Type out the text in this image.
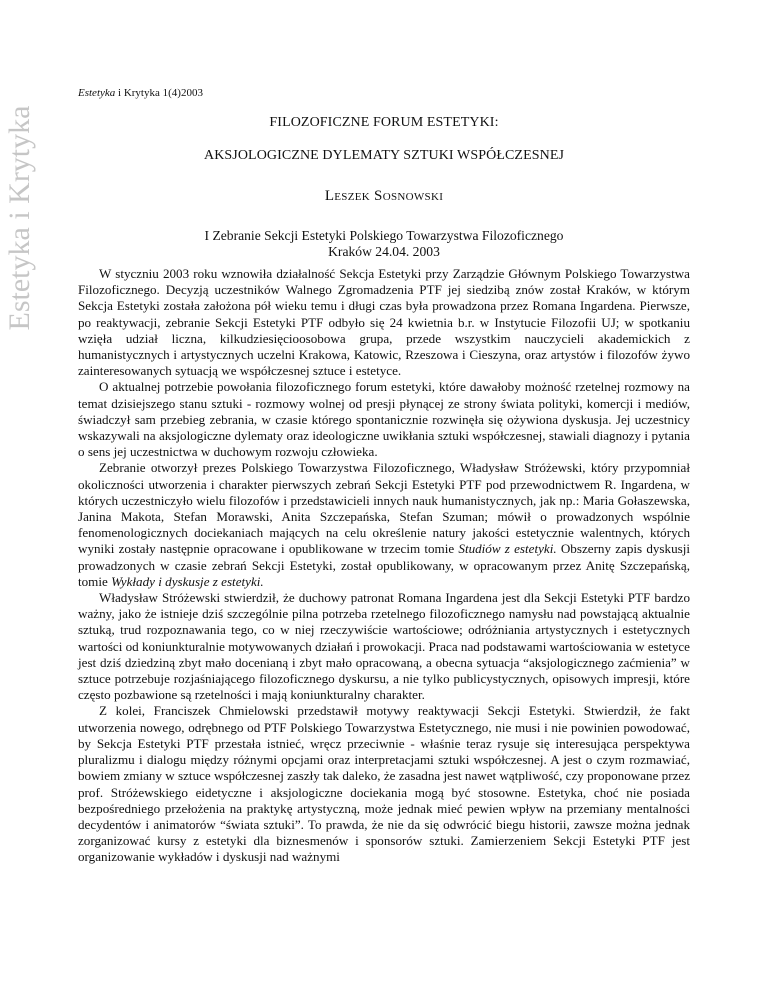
Estetyka i Krytyka
Estetyka i Krytyka 1(4)2003
FILOZOFICZNE FORUM ESTETYKI:
AKSJOLOGICZNE DYLEMATY SZTUKI WSPÓŁCZESNEJ
Leszek Sosnowski
I Zebranie Sekcji Estetyki Polskiego Towarzystwa Filozoficznego
Kraków 24.04. 2003

W styczniu 2003 roku wznowiła działalność Sekcja Estetyki przy Zarządzie Głównym Polskiego Towarzystwa Filozoficznego. Decyzją uczestników Walnego Zgromadzenia PTF jej siedzibą znów został Kraków, w którym Sekcja Estetyki została założona pół wieku temu i długi czas była prowadzona przez Romana Ingardena. Pierwsze, po reaktywacji, zebranie Sekcji Estetyki PTF odbyło się 24 kwietnia b.r. w Instytucie Filozofii UJ; w spotkaniu wzięła udział liczna, kilkudziesięcioosobowa grupa, przede wszystkim nauczycieli akademickich z humanistycznych i artystycznych uczelni Krakowa, Katowic, Rzeszowa i Cieszyna, oraz artystów i filozofów żywo zainteresowanych sytuacją we współczesnej sztuce i estetyce.

O aktualnej potrzebie powołania filozoficznego forum estetyki, które dawałoby możność rzetelnej rozmowy na temat dzisiejszego stanu sztuki - rozmowy wolnej od presji płynącej ze strony świata polityki, komercji i mediów, świadczył sam przebieg zebrania, w czasie którego spontanicznie rozwinęła się ożywiona dyskusja. Jej uczestnicy wskazywali na aksjologiczne dylematy oraz ideologiczne uwikłania sztuki współczesnej, stawiali diagnozy i pytania o sens jej uczestnictwa w duchowym rozwoju człowieka.

Zebranie otworzył prezes Polskiego Towarzystwa Filozoficznego, Władysław Stróżewski, który przypomniał okoliczności utworzenia i charakter pierwszych zebrań Sekcji Estetyki PTF pod przewodnictwem R. Ingardena, w których uczestniczyło wielu filozofów i przedstawicieli innych nauk humanistycznych, jak np.: Maria Gołaszewska, Janina Makota, Stefan Morawski, Anita Szczepańska, Stefan Szuman; mówił o prowadzonych wspólnie fenomenologicznych dociekaniach mających na celu określenie natury jakości estetycznie walentnych, których wyniki zostały następnie opracowane i opublikowane w trzecim tomie Studiów z estetyki. Obszerny zapis dyskusji prowadzonych w czasie zebrań Sekcji Estetyki, został opublikowany, w opracowanym przez Anitę Szczepańską, tomie Wykłady i dyskusje z estetyki.

Władysław Stróżewski stwierdził, że duchowy patronat Romana Ingardena jest dla Sekcji Estetyki PTF bardzo ważny, jako że istnieje dziś szczególnie pilna potrzeba rzetelnego filozoficznego namysłu nad powstającą aktualnie sztuką, trud rozpoznawania tego, co w niej rzeczywiście wartościowe; odróżniania artystycznych i estetycznych wartości od koniunkturalnie motywowanych działań i prowokacji. Praca nad podstawami wartościowania w estetyce jest dziś dziedziną zbyt mało docenianą i zbyt mało opracowaną, a obecna sytuacja “aksjologicznego zaćmienia” w sztuce potrzebuje rozjaśniającego filozoficznego dyskursu, a nie tylko publicystycznych, opisowych impresji, które często pozbawione są rzetelności i mają koniunkturalny charakter.

Z kolei, Franciszek Chmielowski przedstawił motywy reaktywacji Sekcji Estetyki. Stwierdził, że fakt utworzenia nowego, odrębnego od PTF Polskiego Towarzystwa Estetycznego, nie musi i nie powinien powodować, by Sekcja Estetyki PTF przestała istnieć, wręcz przeciwnie - właśnie teraz rysuje się interesująca perspektywa pluralizmu i dialogu między różnymi opcjami oraz interpretacjami sztuki współczesnej. A jest o czym rozmawiać, bowiem zmiany w sztuce współczesnej zaszły tak daleko, że zasadna jest nawet wątpliwość, czy proponowane przez prof. Stróżewskiego eidetyczne i aksjologiczne dociekania mogą być stosowne. Estetyka, choć nie posiada bezpośredniego przełożenia na praktykę artystyczną, może jednak mieć pewien wpływ na przemiany mentalności decydentów i animatorów “świata sztuki”. To prawda, że nie da się odwrócić biegu historii, zawsze można jednak zorganizować kursy z estetyki dla biznesmenów i sponsorów sztuki. Zamierzeniem Sekcji Estetyki PTF jest organizowanie wykładów i dyskusji nad ważnymi
